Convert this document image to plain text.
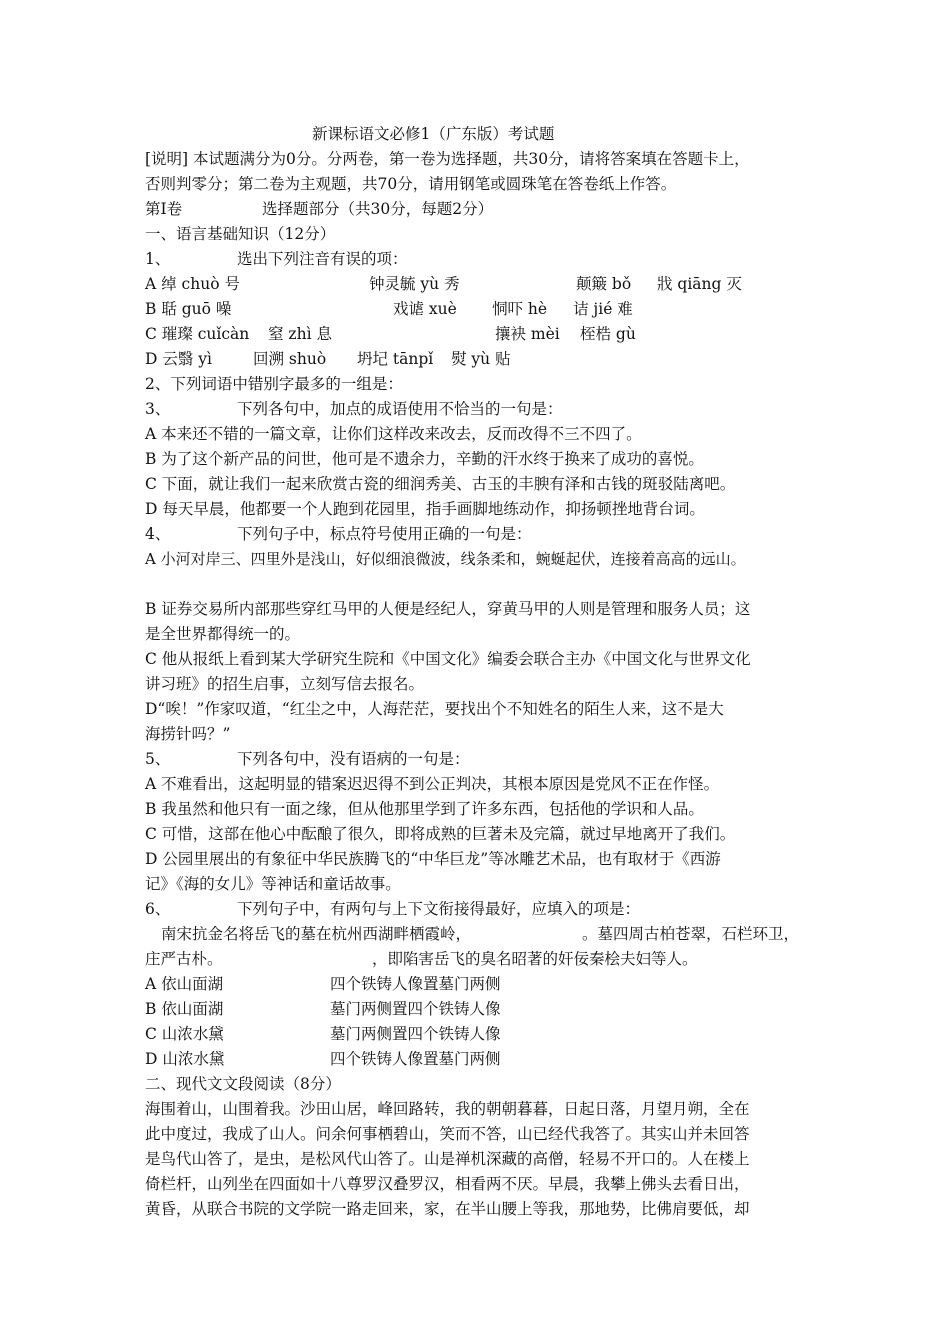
新课标语文必修1（广东版）考试题
[说明] 本试题满分为0分。分两卷，第一卷为选择题，共30分，请将答案填在答题卡上，
否则判零分；第二卷为主观题，共70分，请用钢笔或圆珠笔在答卷纸上作答。
第Ⅰ卷	选择题部分（共30分，每题2分）
一、语言基础知识（12分）
1、	选出下列注音有误的项：
A 绰 chuò 号	钟灵毓 yù 秀	颠簸 bǒ 戕 qiāng 灭
B 聒 guō 噪	戏谑 xuè 恫吓 hè 诘 jié 难
C 璀璨 cuǐcàn 窒 zhì 息	攘袂 mèi 桎梏 gù
D 云翳 yì	回溯 shuò 坍圮 tānpǐ 熨 yù 贴
2、下列词语中错别字最多的一组是：
3、	下列各句中，加点的成语使用不恰当的一句是：
A 本来还不错的一篇文章，让你们这样改来改去，反而改得不三不四了。
B 为了这个新产品的问世，他可是不遗余力，辛勤的汗水终于换来了成功的喜悦。
C 下面，就让我们一起来欣赏古瓷的细润秀美、古玉的丰腴有泽和古钱的斑驳陆离吧。
D 每天早晨，他都要一个人跑到花园里，指手画脚地练动作，抑扬顿挫地背台词。
4、	下列句子中，标点符号使用正确的一句是：
A 小河对岸三、四里外是浅山，好似细浪微波，线条柔和，蜿蜒起伏，连接着高高的远山。
B 证券交易所内部那些穿红马甲的人便是经纪人，穿黄马甲的人则是管理和服务人员；这
是全世界都得统一的。
C 他从报纸上看到某大学研究生院和《中国文化》编委会联合主办《中国文化与世界文化
讲习班》的招生启事，立刻写信去报名。
D“唉！”作家叹道，“红尘之中，人海茫茫，要找出个不知姓名的陌生人来，这不是大
海捞针吗？”
5、	下列各句中，没有语病的一句是：
A 不难看出，这起明显的错案迟迟得不到公正判决，其根本原因是党风不正在作怪。
B 我虽然和他只有一面之缘，但从他那里学到了许多东西，包括他的学识和人品。
C 可惜，这部在他心中酝酿了很久，即将成熟的巨著未及完篇，就过早地离开了我们。
D 公园里展出的有象征中华民族腾飞的“中华巨龙”等冰雕艺术品，也有取材于《西游
记》《海的女儿》等神话和童话故事。
6、	下列句子中，有两句与上下文衔接得最好，应填入的项是：
南宋抗金名将岳飞的墓在杭州西湖畔栖霞岭，	。墓四周古柏苍翠，石栏环卫，
庄严古朴。	，即陷害岳飞的臭名昭著的奸佞秦桧夫妇等人。
A 依山面湖	四个铁铸人像置墓门两侧
B 依山面湖	墓门两侧置四个铁铸人像
C 山浓水黛	墓门两侧置四个铁铸人像
D 山浓水黛	四个铁铸人像置墓门两侧
二、现代文文段阅读（8分）
海围着山，山围着我。沙田山居，峰回路转，我的朝朝暮暮，日起日落，月望月朔，全在
此中度过，我成了山人。问余何事栖碧山，笑而不答，山已经代我答了。其实山并未回答
是鸟代山答了，是虫，是松风代山答了。山是禅机深藏的高僧，轻易不开口的。人在楼上
倚栏杆，山列坐在四面如十八尊罗汉叠罗汉，相看两不厌。早晨，我攀上佛头去看日出，
黄昏，从联合书院的文学院一路走回来，家，在半山腰上等我，那地势，比佛肩要低，却
